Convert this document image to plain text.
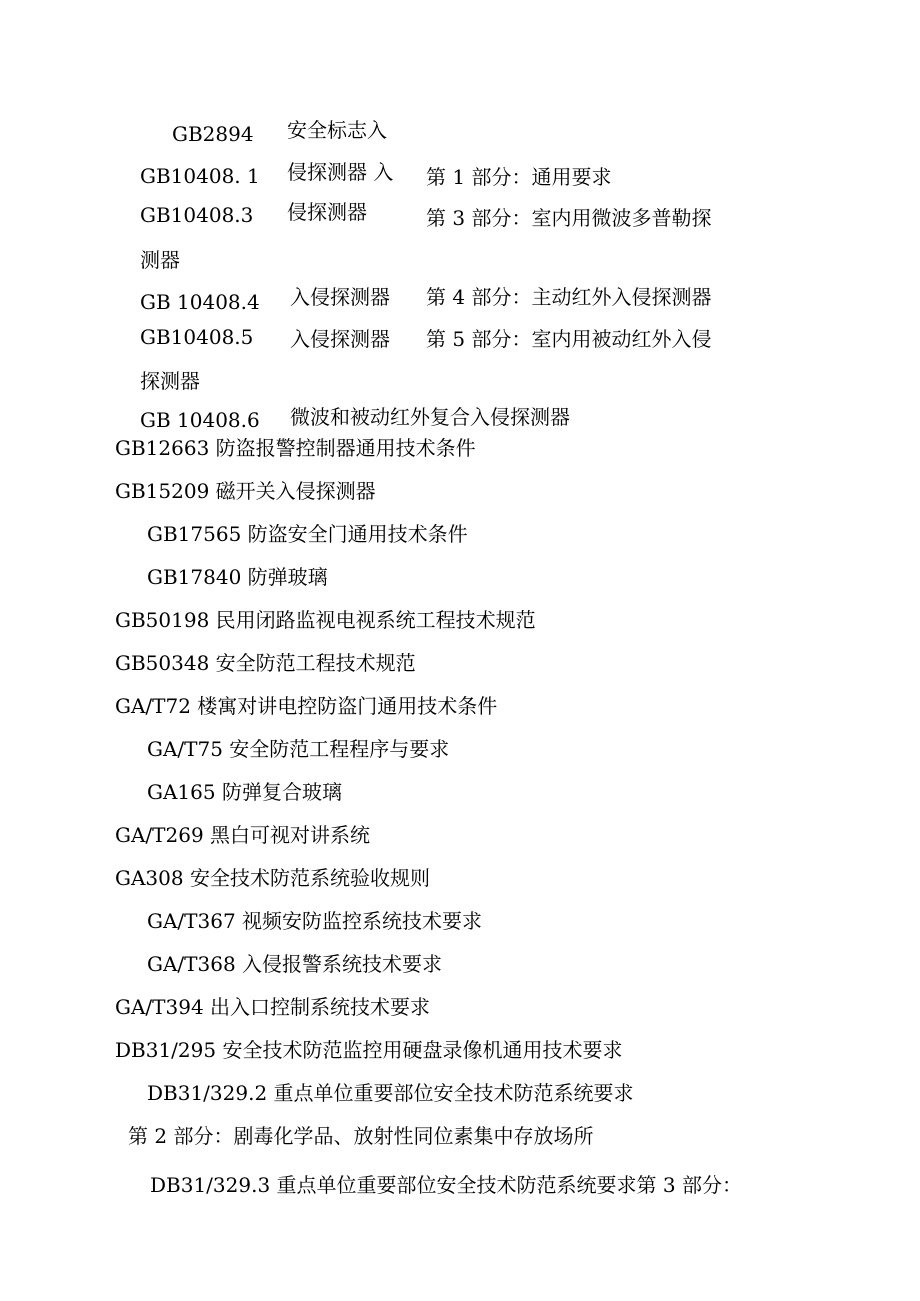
GB2894 安全标志入
GB10408. 1 侵探测器 入 第 1 部分：通用要求
GB10408.3 侵探测器	第 3 部分：室内用微波多普勒探
测器
GB 10408.4 入侵探测器 第 4 部分：主动红外入侵探测器
GB10408.5 入侵探测器 第 5 部分：室内用被动红外入侵
探测器
GB 10408.6 微波和被动红外复合入侵探测器
GB12663 防盗报警控制器通用技术条件
GB15209 磁开关入侵探测器
GB17565 防盗安全门通用技术条件
GB17840 防弹玻璃
GB50198 民用闭路监视电视系统工程技术规范
GB50348 安全防范工程技术规范
GA/T72 楼寓对讲电控防盗门通用技术条件
GA/T75 安全防范工程程序与要求
GA165 防弹复合玻璃
GA/T269 黑白可视对讲系统
GA308 安全技术防范系统验收规则
GA/T367 视频安防监控系统技术要求
GA/T368 入侵报警系统技术要求
GA/T394 出入口控制系统技术要求
DB31/295 安全技术防范监控用硬盘录像机通用技术要求
DB31/329.2 重点单位重要部位安全技术防范系统要求
第 2 部分：剧毒化学品、放射性同位素集中存放场所
DB31/329.3 重点单位重要部位安全技术防范系统要求第 3 部分：
